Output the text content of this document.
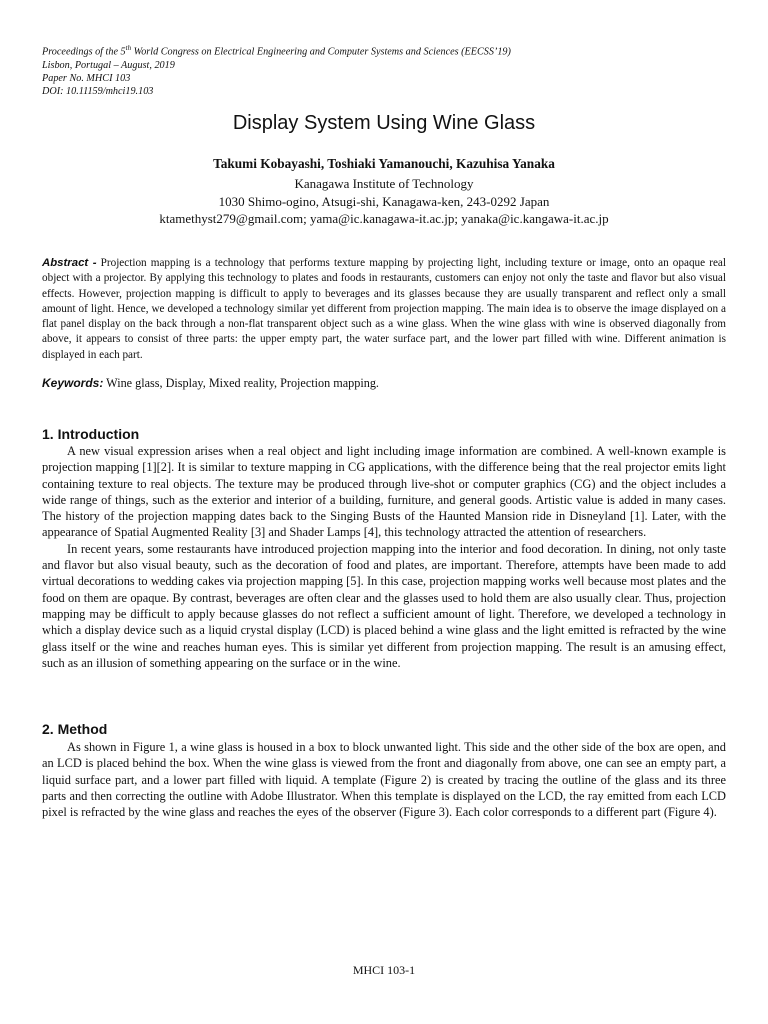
Proceedings of the 5th World Congress on Electrical Engineering and Computer Systems and Sciences (EECSS’19)
Lisbon, Portugal – August, 2019
Paper No. MHCI 103
DOI: 10.11159/mhci19.103
Display System Using Wine Glass
Takumi Kobayashi, Toshiaki Yamanouchi, Kazuhisa Yanaka
Kanagawa Institute of Technology
1030 Shimo-ogino, Atsugi-shi, Kanagawa-ken, 243-0292 Japan
ktamethyst279@gmail.com; yama@ic.kanagawa-it.ac.jp; yanaka@ic.kangawa-it.ac.jp
Abstract - Projection mapping is a technology that performs texture mapping by projecting light, including texture or image, onto an opaque real object with a projector. By applying this technology to plates and foods in restaurants, customers can enjoy not only the taste and flavor but also visual effects. However, projection mapping is difficult to apply to beverages and its glasses because they are usually transparent and reflect only a small amount of light. Hence, we developed a technology similar yet different from projection mapping. The main idea is to observe the image displayed on a flat panel display on the back through a non-flat transparent object such as a wine glass. When the wine glass with wine is observed diagonally from above, it appears to consist of three parts: the upper empty part, the water surface part, and the lower part filled with wine. Different animation is displayed in each part.
Keywords: Wine glass, Display, Mixed reality, Projection mapping.
1. Introduction

A new visual expression arises when a real object and light including image information are combined. A well-known example is projection mapping [1][2]. It is similar to texture mapping in CG applications, with the difference being that the real projector emits light containing texture to real objects. The texture may be produced through live-shot or computer graphics (CG) and the object includes a wide range of things, such as the exterior and interior of a building, furniture, and general goods. Artistic value is added in many cases. The history of the projection mapping dates back to the Singing Busts of the Haunted Mansion ride in Disneyland [1]. Later, with the appearance of Spatial Augmented Reality [3] and Shader Lamps [4], this technology attracted the attention of researchers.

In recent years, some restaurants have introduced projection mapping into the interior and food decoration. In dining, not only taste and flavor but also visual beauty, such as the decoration of food and plates, are important. Therefore, attempts have been made to add virtual decorations to wedding cakes via projection mapping [5]. In this case, projection mapping works well because most plates and the food on them are opaque. By contrast, beverages are often clear and the glasses used to hold them are also usually clear. Thus, projection mapping may be difficult to apply because glasses do not reflect a sufficient amount of light. Therefore, we developed a technology in which a display device such as a liquid crystal display (LCD) is placed behind a wine glass and the light emitted is refracted by the wine glass itself or the wine and reaches human eyes. This is similar yet different from projection mapping. The result is an amusing effect, such as an illusion of something appearing on the surface or in the wine.

2. Method

As shown in Figure 1, a wine glass is housed in a box to block unwanted light. This side and the other side of the box are open, and an LCD is placed behind the box. When the wine glass is viewed from the front and diagonally from above, one can see an empty part, a liquid surface part, and a lower part filled with liquid. A template (Figure 2) is created by tracing the outline of the glass and its three parts and then correcting the outline with Adobe Illustrator. When this template is displayed on the LCD, the ray emitted from each LCD pixel is refracted by the wine glass and reaches the eyes of the observer (Figure 3). Each color corresponds to a different part (Figure 4).

MHCI 103-1
